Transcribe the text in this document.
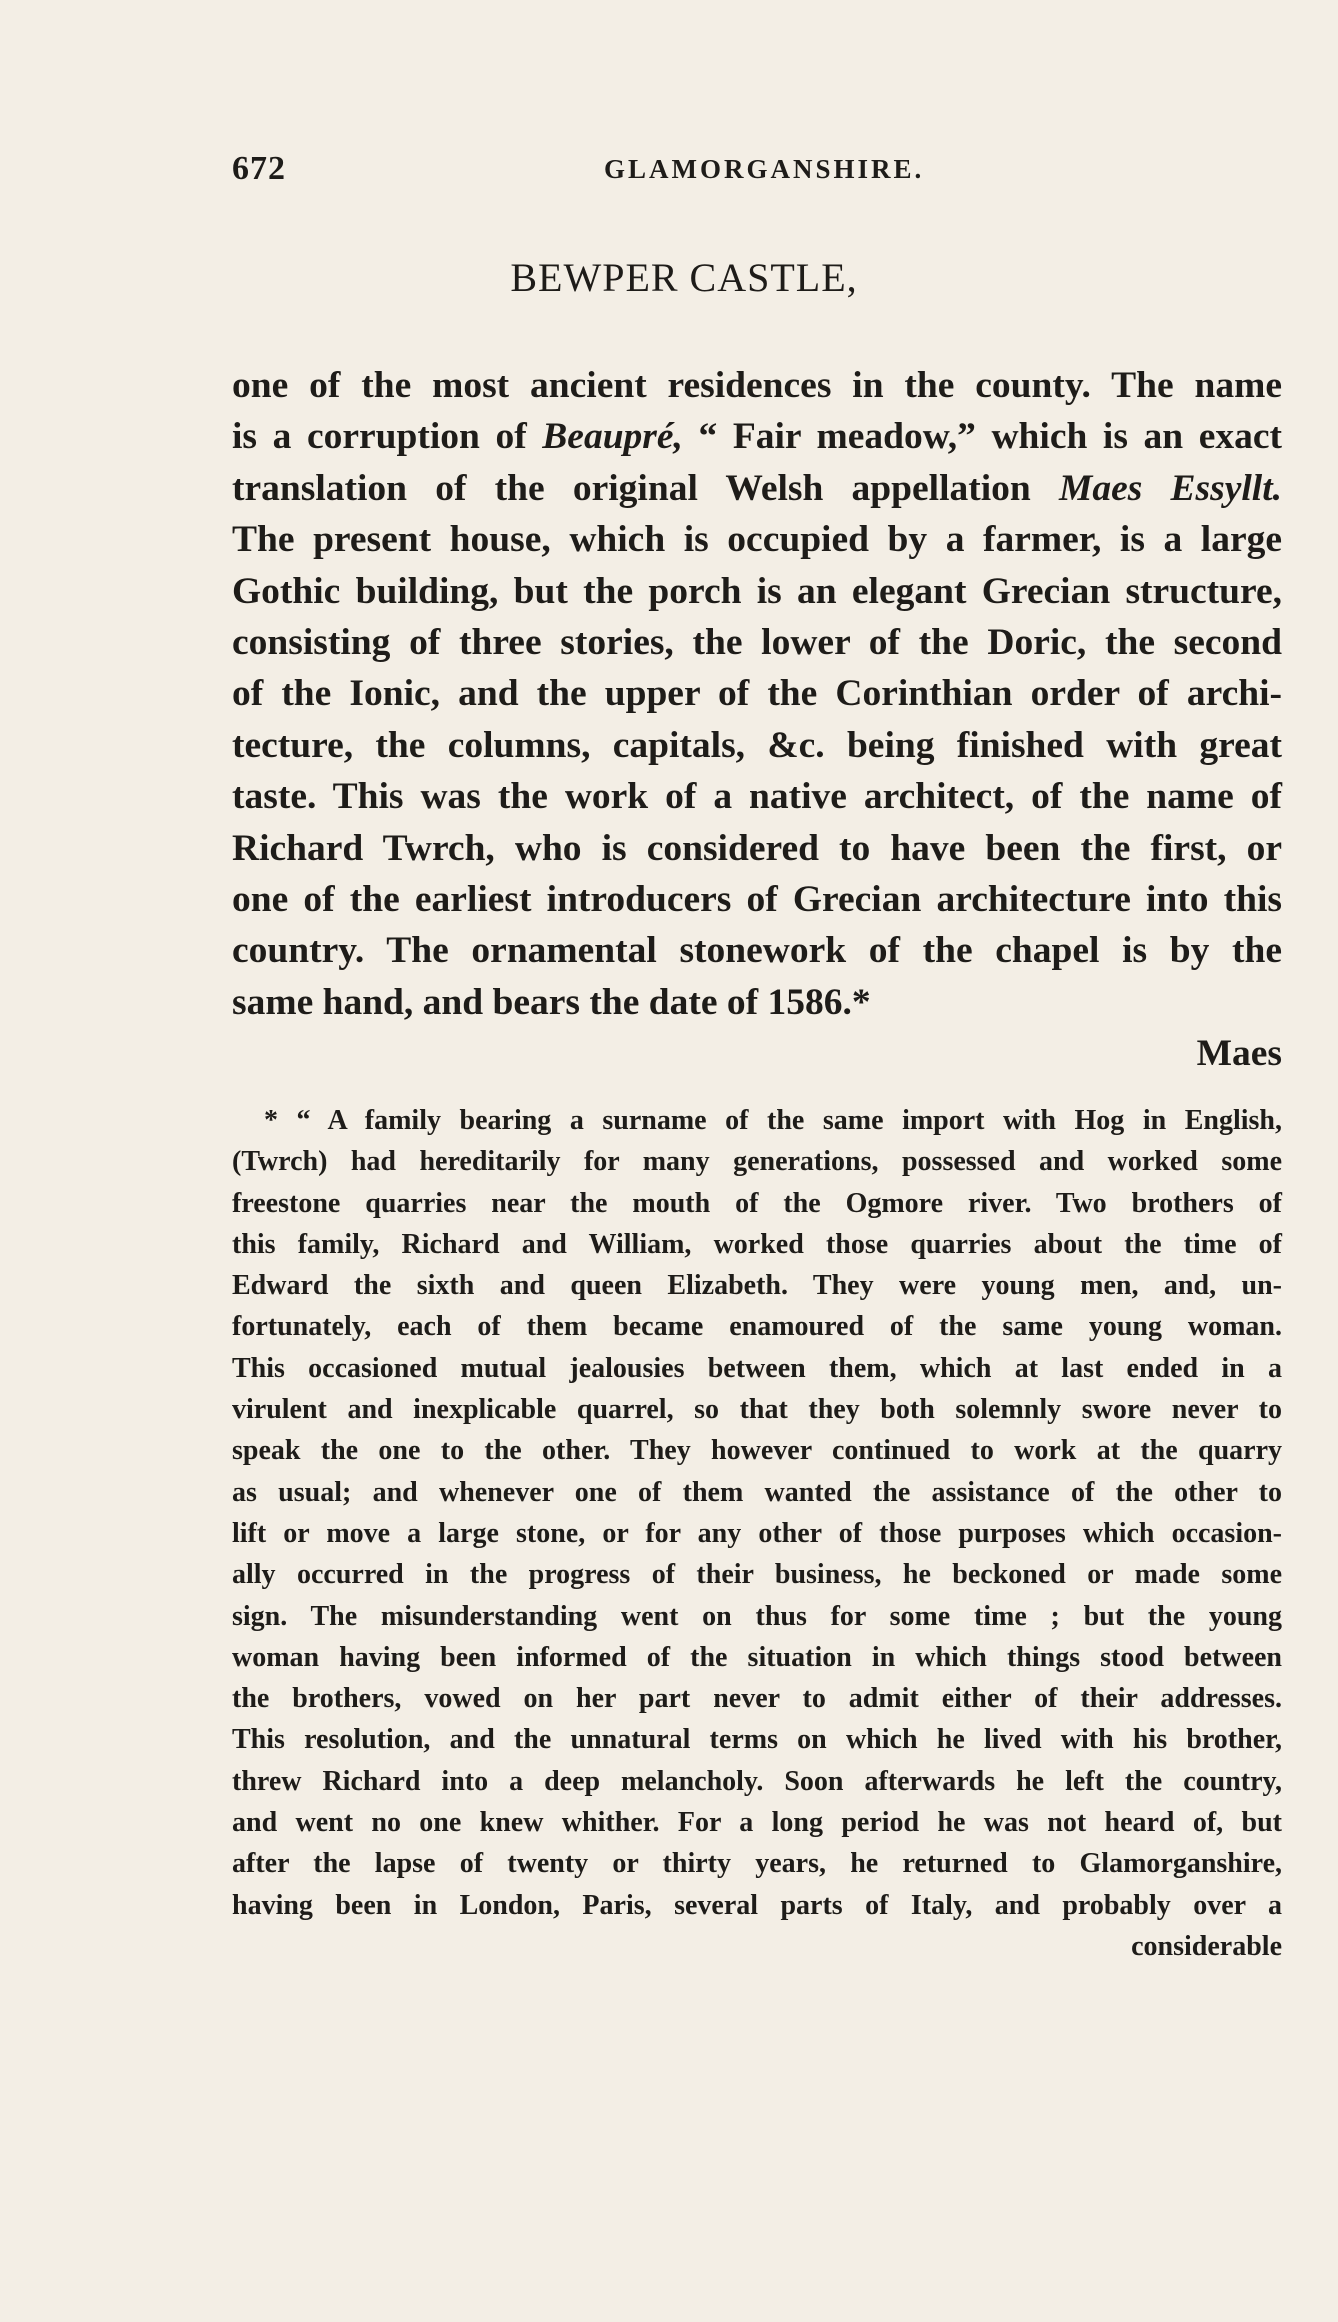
672	GLAMORGANSHIRE.
BEWPER CASTLE,
one of the most ancient residences in the county. The name
is a corruption of Beaupré, “ Fair meadow,” which is an exact
translation of the original Welsh appellation Maes Essyllt.
The present house, which is occupied by a farmer, is a large
Gothic building, but the porch is an elegant Grecian structure,
consisting of three stories, the lower of the Doric, the second
of the Ionic, and the upper of the Corinthian order of archi-
tecture, the columns, capitals, &c. being finished with great
taste. This was the work of a native architect, of the name of
Richard Twrch, who is considered to have been the first, or
one of the earliest introducers of Grecian architecture into this
country. The ornamental stonework of the chapel is by the
same hand, and bears the date of 1586.*
Maes
* “ A family bearing a surname of the same import with Hog in English,
(Twrch) had hereditarily for many generations, possessed and worked some
freestone quarries near the mouth of the Ogmore river. Two brothers of
this family, Richard and William, worked those quarries about the time of
Edward the sixth and queen Elizabeth. They were young men, and, un-
fortunately, each of them became enamoured of the same young woman.
This occasioned mutual jealousies between them, which at last ended in a
virulent and inexplicable quarrel, so that they both solemnly swore never to
speak the one to the other. They however continued to work at the quarry
as usual; and whenever one of them wanted the assistance of the other to
lift or move a large stone, or for any other of those purposes which occasion-
ally occurred in the progress of their business, he beckoned or made some
sign. The misunderstanding went on thus for some time ; but the young
woman having been informed of the situation in which things stood between
the brothers, vowed on her part never to admit either of their addresses.
This resolution, and the unnatural terms on which he lived with his brother,
threw Richard into a deep melancholy. Soon afterwards he left the country,
and went no one knew whither. For a long period he was not heard of, but
after the lapse of twenty or thirty years, he returned to Glamorganshire,
having been in London, Paris, several parts of Italy, and probably over a
considerable
